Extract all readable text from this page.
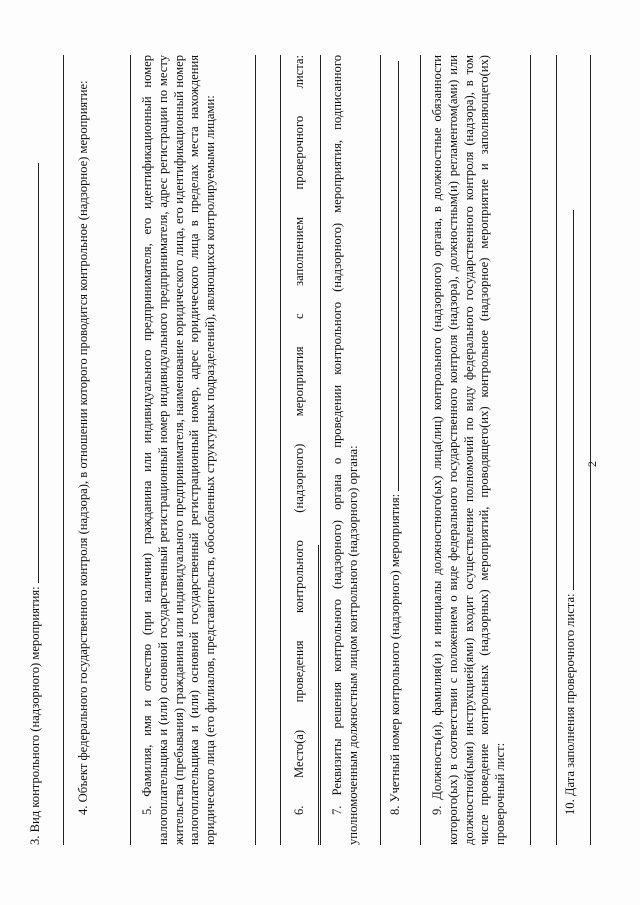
2

3. Вид контрольного (надзорного) мероприятия:	4. Объект федерального государственного контроля (надзора), в отношении которого проводится контрольное (надзорное) мероприятие:	5. Фамилия, имя и отчество (при наличии) гражданина или индивидуального предпринимателя, его идентификационный номер налогоплательщика и (или) основной государственный регистрационный номер индивидуального предпринимателя, адрес регистрации по месту жительства (пребывания) гражданина или индивидуального предпринимателя, наименование юридического лица, его идентификационный номер налогоплательщика и (или) основной государственный регистрационный номер, адрес юридического лица в пределах места нахождения юридического лица (его филиалов, представительств, обособленных структурных подразделений), являющихся контролируемыми лицами:	6. Место(а) проведения контрольного (надзорного) мероприятия с заполнением проверочного листа:	7. Реквизиты решения контрольного (надзорного) органа о проведении контрольного (надзорного) мероприятия, подписанного уполномоченным должностным лицом контрольного (надзорного) органа: 8. Учетный номер контрольного (надзорного) мероприятия: 9. Должность(и), фамилия(и) и инициалы должностного(ых) лица(лиц) контрольного (надзорного) органа, в должностные обязанности которого(ых) в соответствии с положением о виде федерального государственного контроля (надзора), должностным(и) регламентом(ами) или должностной(ыми) инструкцией(ями) входит осуществление полномочий по виду федерального государственного контроля (надзора), в том числе проведение контрольных (надзорных) мероприятий, проводящего(их) контрольное (надзорное) мероприятие и заполняющего(их) проверочный лист:	10. Дата заполнения проверочного листа:
